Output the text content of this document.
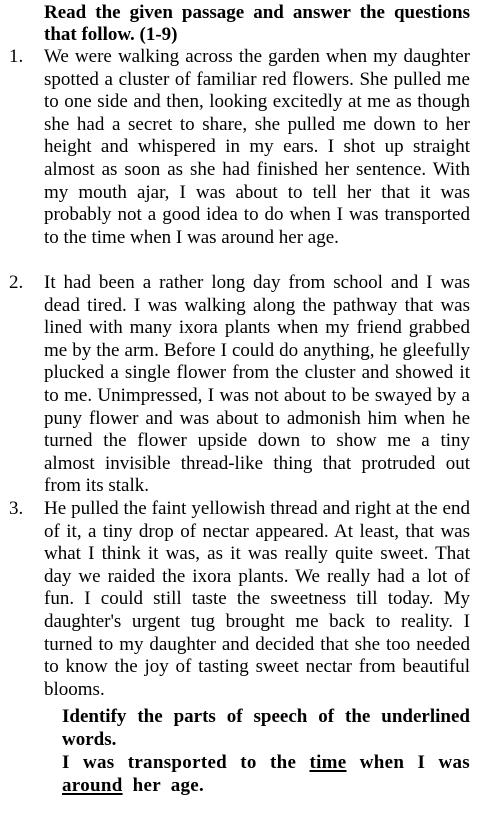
Read the given passage and answer the questions that follow. (1-9)
1.	We were walking across the garden when my daughter spotted a cluster of familiar red flowers. She pulled me to one side and then, looking excitedly at me as though she had a secret to share, she pulled me down to her height and whispered in my ears. I shot up straight almost as soon as she had finished her sentence. With my mouth ajar, I was about to tell her that it was probably not a good idea to do when I was transported to the time when I was around her age.
2.	It had been a rather long day from school and I was dead tired. I was walking along the pathway that was lined with many ixora plants when my friend grabbed me by the arm. Before I could do anything, he gleefully plucked a single flower from the cluster and showed it to me. Unimpressed, I was not about to be swayed by a puny flower and was about to admonish him when he turned the flower upside down to show me a tiny almost invisible thread-like thing that protruded out from its stalk.
3.	He pulled the faint yellowish thread and right at the end of it, a tiny drop of nectar appeared. At least, that was what I think it was, as it was really quite sweet. That day we raided the ixora plants. We really had a lot of fun. I could still taste the sweetness till today. My daughter's urgent tug brought me back to reality. I turned to my daughter and decided that she too needed to know the joy of tasting sweet nectar from beautiful blooms.
Identify the parts of speech of the underlined words.
I was transported to the time when I was around her age.
